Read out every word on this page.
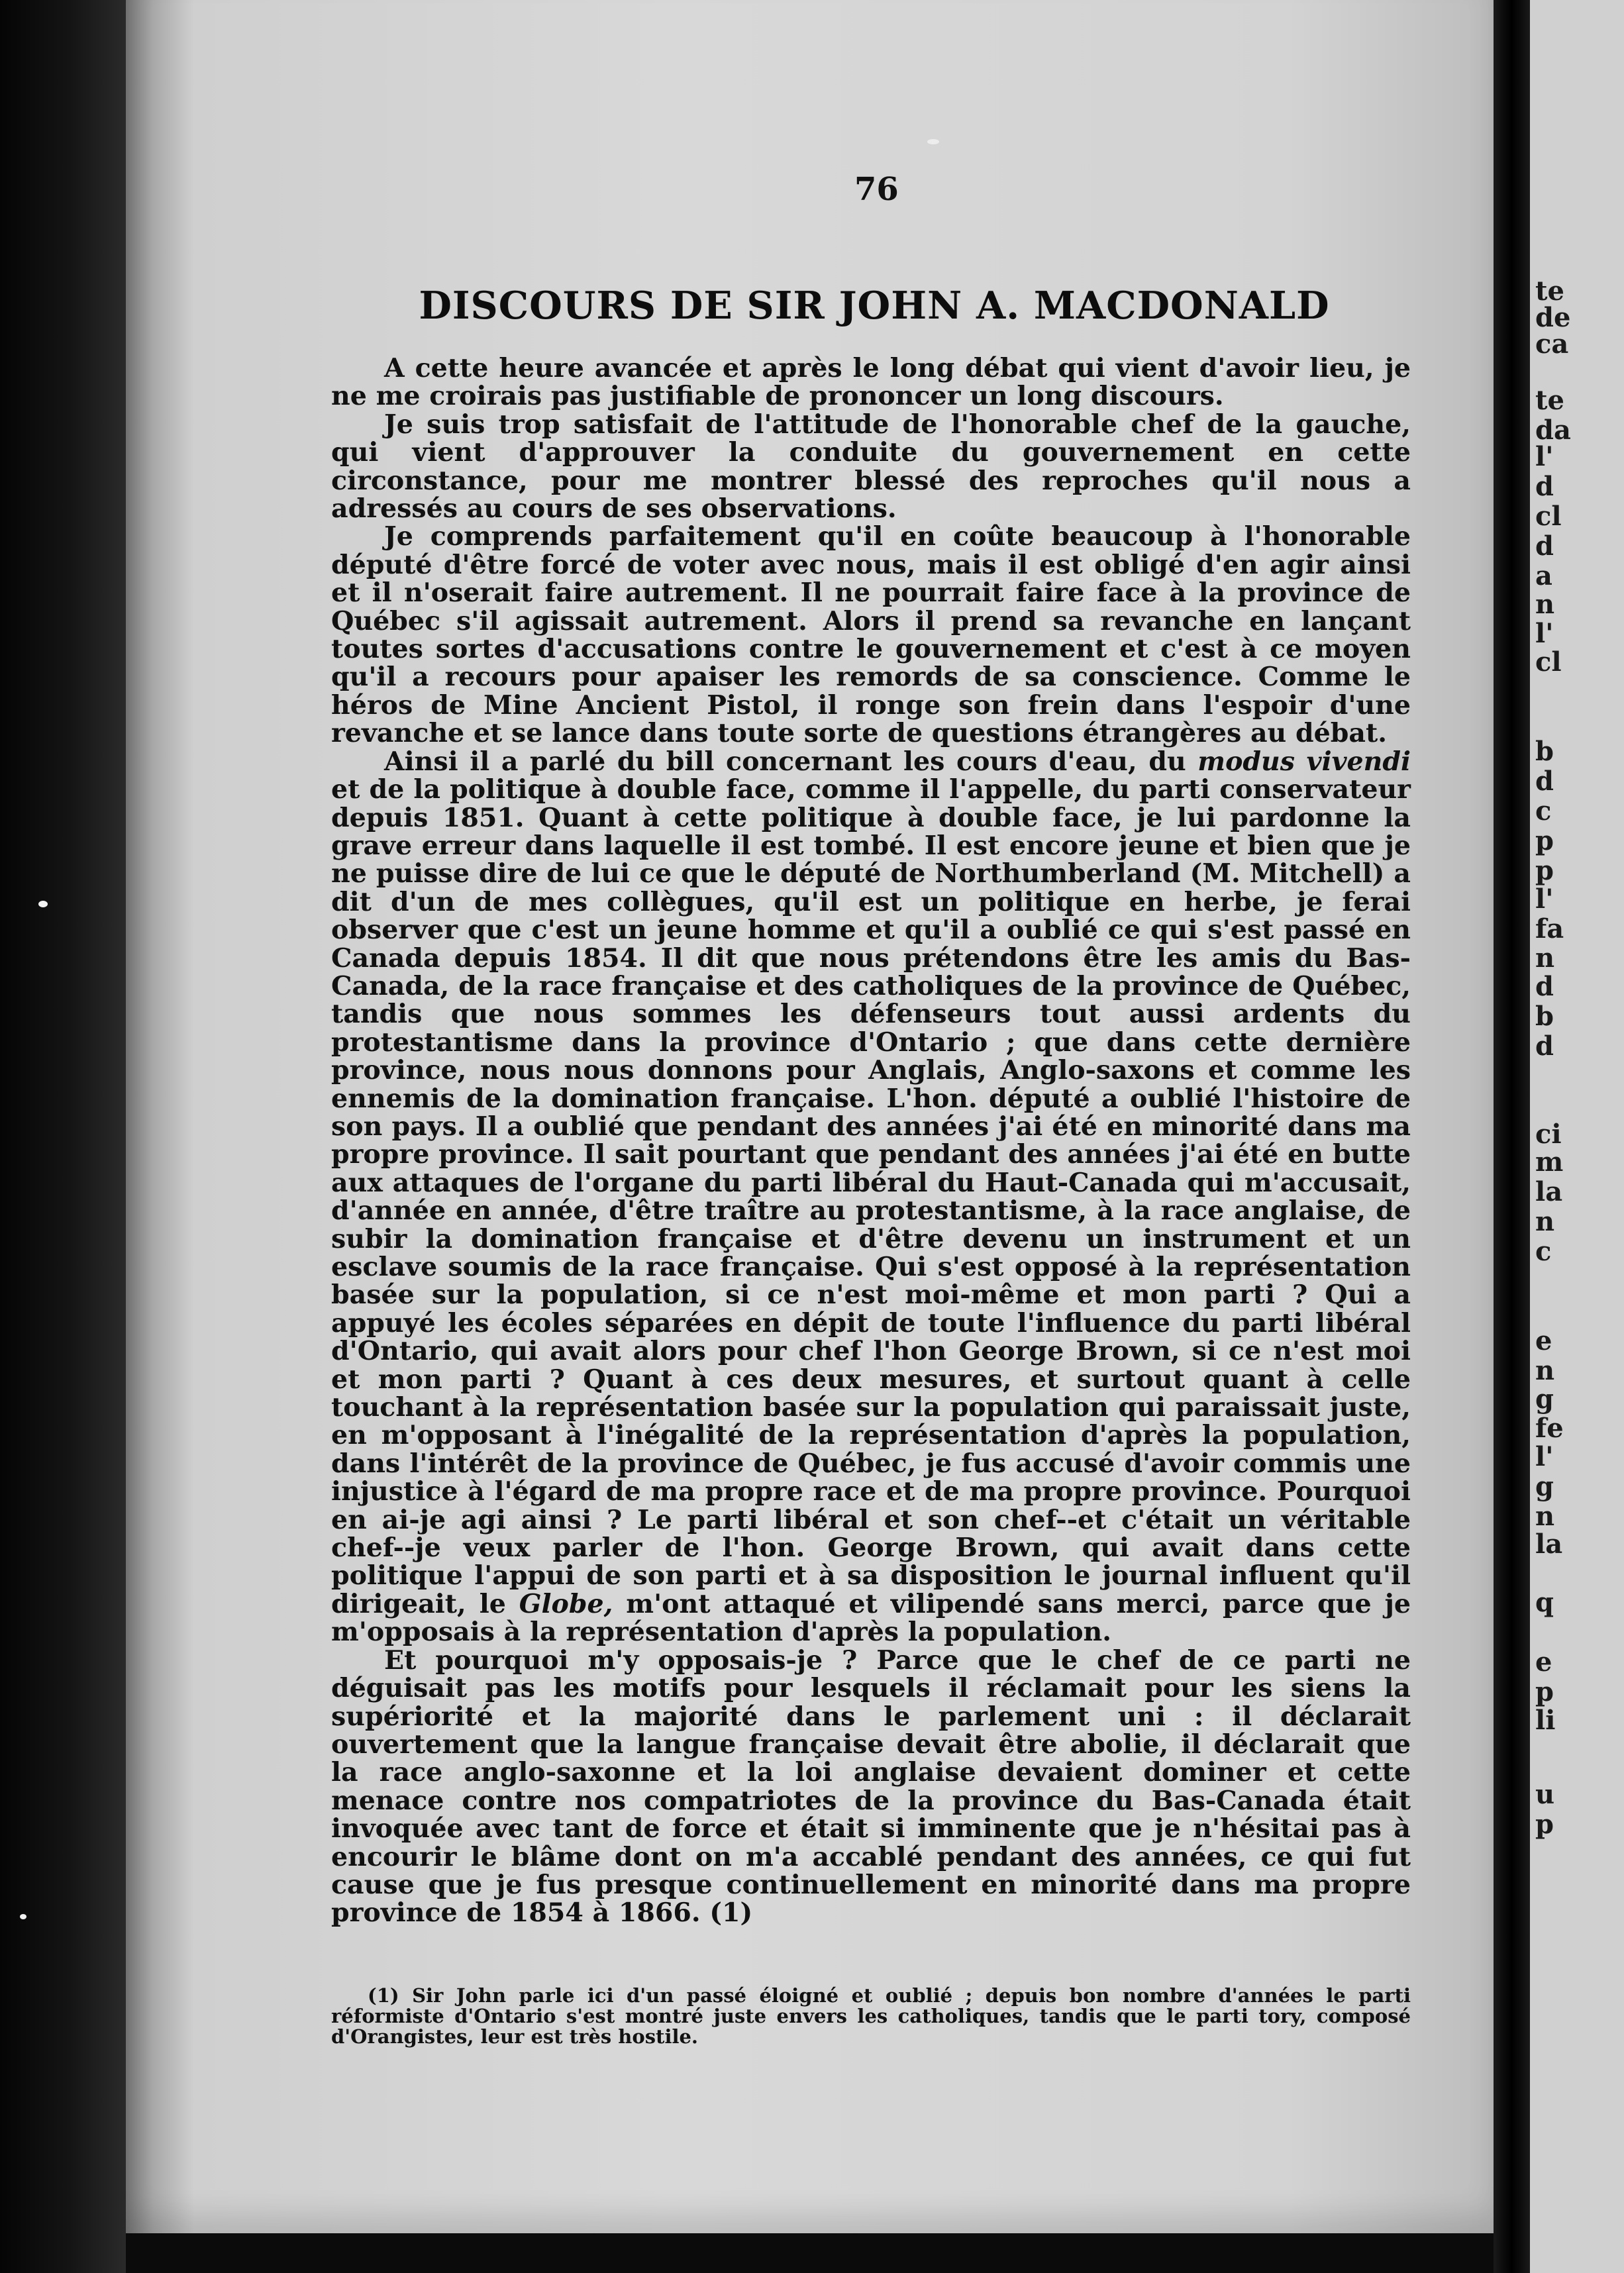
76
DISCOURS DE SIR JOHN A. MACDONALD

A cette heure avancée et après le long débat qui vient d'avoir lieu, je ne me croirais pas justifiable de prononcer un long discours.

Je suis trop satisfait de l'attitude de l'honorable chef de la gauche, qui vient d'approuver la conduite du gouvernement en cette circonstance, pour me montrer blessé des reproches qu'il nous a adressés au cours de ses observations.

Je comprends parfaitement qu'il en coûte beaucoup à l'honorable député d'être forcé de voter avec nous, mais il est obligé d'en agir ainsi et il n'oserait faire autrement. Il ne pourrait faire face à la province de Québec s'il agissait autrement. Alors il prend sa revanche en lançant toutes sortes d'accusations contre le gouvernement et c'est à ce moyen qu'il a recours pour apaiser les remords de sa conscience. Comme le héros de Mine Ancient Pistol, il ronge son frein dans l'espoir d'une revanche et se lance dans toute sorte de questions étrangères au débat.

Ainsi il a parlé du bill concernant les cours d'eau, du modus vivendi et de la politique à double face, comme il l'appelle, du parti conservateur depuis 1851. Quant à cette politique à double face, je lui pardonne la grave erreur dans laquelle il est tombé. Il est encore jeune et bien que je ne puisse dire de lui ce que le député de Northumberland (M. Mitchell) a dit d'un de mes collègues, qu'il est un politique en herbe, je ferai observer que c'est un jeune homme et qu'il a oublié ce qui s'est passé en Canada depuis 1854. Il dit que nous prétendons être les amis du Bas-Canada, de la race française et des catholiques de la province de Québec, tandis que nous sommes les défenseurs tout aussi ardents du protestantisme dans la province d'Ontario ; que dans cette dernière province, nous nous donnons pour Anglais, Anglo-saxons et comme les ennemis de la domination française. L'hon. député a oublié l'histoire de son pays. Il a oublié que pendant des années j'ai été en minorité dans ma propre province. Il sait pourtant que pendant des années j'ai été en butte aux attaques de l'organe du parti libéral du Haut-Canada qui m'accusait, d'année en année, d'être traître au protestantisme, à la race anglaise, de subir la domination française et d'être devenu un instrument et un esclave soumis de la race française. Qui s'est opposé à la représentation basée sur la population, si ce n'est moi-même et mon parti ? Qui a appuyé les écoles séparées en dépit de toute l'influence du parti libéral d'Ontario, qui avait alors pour chef l'hon George Brown, si ce n'est moi et mon parti ? Quant à ces deux mesures, et surtout quant à celle touchant à la représentation basée sur la population qui paraissait juste, en m'opposant à l'inégalité de la représentation d'après la population, dans l'intérêt de la province de Québec, je fus accusé d'avoir commis une injustice à l'égard de ma propre race et de ma propre province. Pourquoi en ai-je agi ainsi ? Le parti libéral et son chef--et c'était un véritable chef--je veux parler de l'hon. George Brown, qui avait dans cette politique l'appui de son parti et à sa disposition le journal influent qu'il dirigeait, le Globe, m'ont attaqué et vilipendé sans merci, parce que je m'opposais à la représentation d'après la population.

Et pourquoi m'y opposais-je ? Parce que le chef de ce parti ne déguisait pas les motifs pour lesquels il réclamait pour les siens la supériorité et la majorité dans le parlement uni : il déclarait ouvertement que la langue française devait être abolie, il déclarait que la race anglo-saxonne et la loi anglaise devaient dominer et cette menace contre nos compatriotes de la province du Bas-Canada était invoquée avec tant de force et était si imminente que je n'hésitai pas à encourir le blâme dont on m'a accablé pendant des années, ce qui fut cause que je fus presque continuellement en minorité dans ma propre province de 1854 à 1866. (1)

(1) Sir John parle ici d'un passé éloigné et oublié ; depuis bon nombre d'années le parti réformiste d'Ontario s'est montré juste envers les catholiques, tandis que le parti tory, composé d'Orangistes, leur est très hostile.

te
de
ca
te
da
l'
d
cl
d
a
n
l'
cl
b
d
c
p
p
l'
fa
n
d
b
d
ci
m
la
n
c
e
n
g
fe
l'
g
n
la
q
e
p
li
u
p
